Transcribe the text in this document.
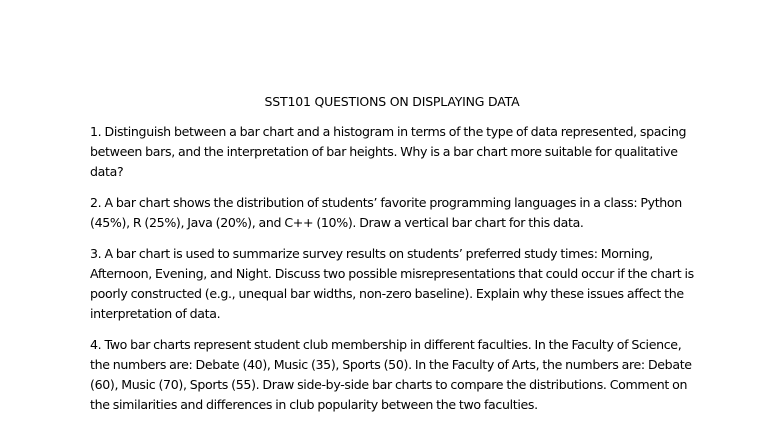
SST101 QUESTIONS ON DISPLAYING DATA

1. Distinguish between a bar chart and a histogram in terms of the type of data represented, spacing between bars, and the interpretation of bar heights. Why is a bar chart more suitable for qualitative data?

2. A bar chart shows the distribution of students’ favorite programming languages in a class: Python (45%), R (25%), Java (20%), and C++ (10%). Draw a vertical bar chart for this data.

3. A bar chart is used to summarize survey results on students’ preferred study times: Morning, Afternoon, Evening, and Night. Discuss two possible misrepresentations that could occur if the chart is poorly constructed (e.g., unequal bar widths, non-zero baseline). Explain why these issues affect the interpretation of data.

4. Two bar charts represent student club membership in different faculties. In the Faculty of Science, the numbers are: Debate (40), Music (35), Sports (50). In the Faculty of Arts, the numbers are: Debate (60), Music (70), Sports (55). Draw side-by-side bar charts to compare the distributions. Comment on the similarities and differences in club popularity between the two faculties.
